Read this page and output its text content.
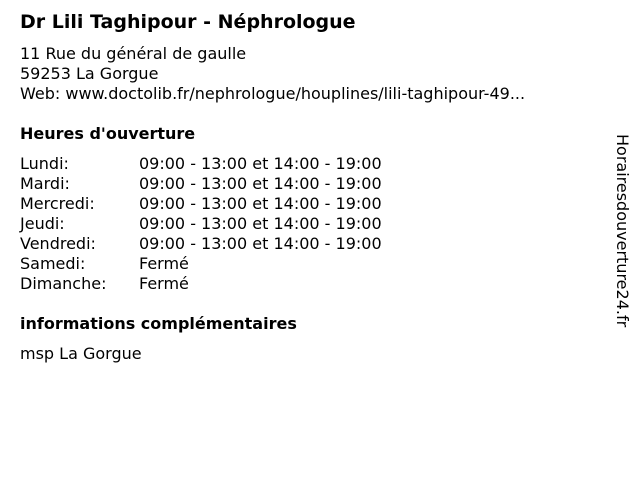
Dr Lili Taghipour - Néphrologue
11 Rue du général de gaulle
59253 La Gorgue
Web: www.doctolib.fr/nephrologue/houplines/lili-taghipour-49...
Heures d'ouverture
Lundi:	09:00 - 13:00 et 14:00 - 19:00
Mardi:	09:00 - 13:00 et 14:00 - 19:00
Mercredi:	09:00 - 13:00 et 14:00 - 19:00
Jeudi:	09:00 - 13:00 et 14:00 - 19:00
Vendredi:	09:00 - 13:00 et 14:00 - 19:00
Samedi:	Fermé
Dimanche: Fermé
informations complémentaires
msp La Gorgue
Horairesdouverture24.fr
